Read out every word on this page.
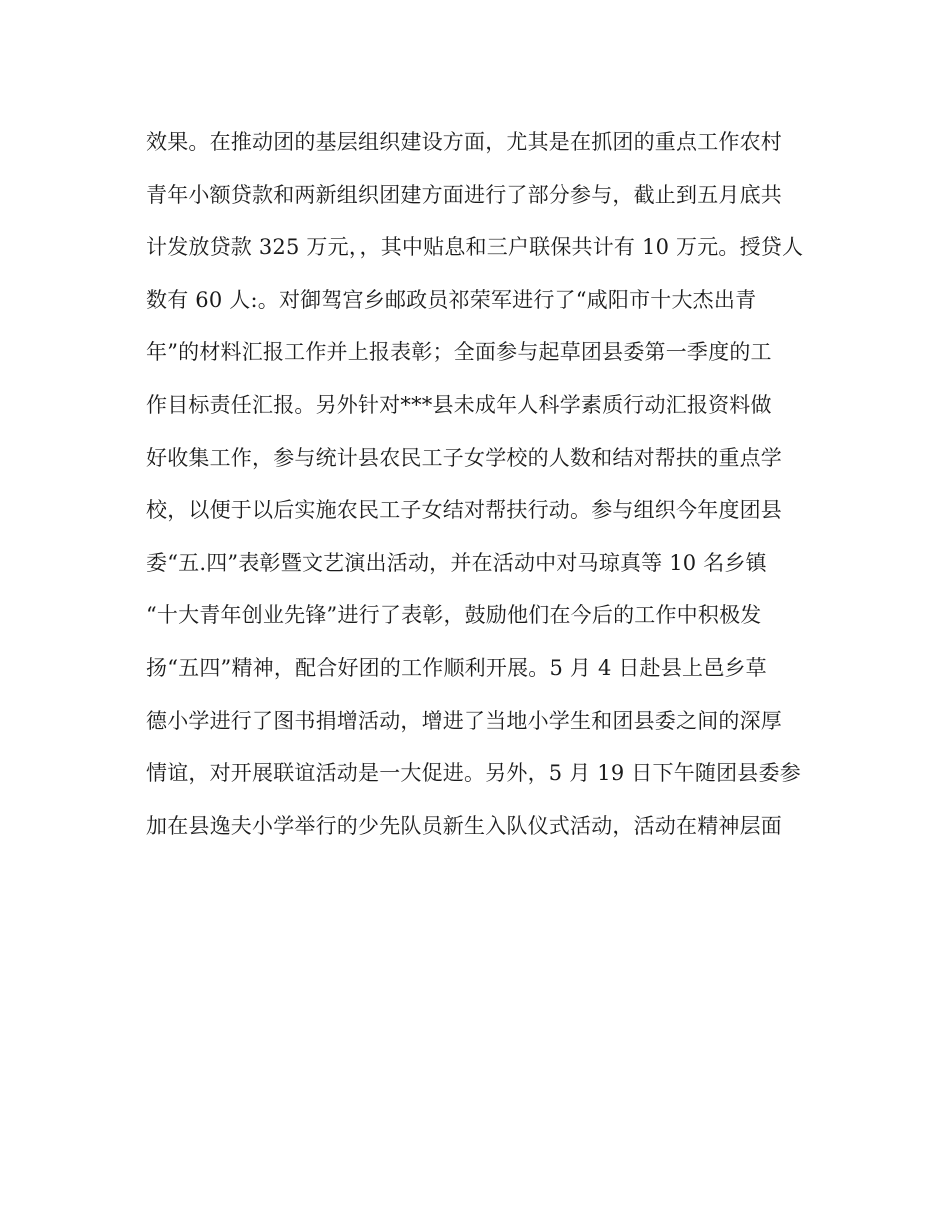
效果。在推动团的基层组织建设方面，尤其是在抓团的重点工作农村
青年小额贷款和两新组织团建方面进行了部分参与，截止到五月底共
计发放贷款 325 万元，，其中贴息和三户联保共计有 10 万元。授贷人
数有 60 人:。对御驾宫乡邮政员祁荣军进行了“咸阳市十大杰出青
年”的材料汇报工作并上报表彰；全面参与起草团县委第一季度的工
作目标责任汇报。另外针对***县未成年人科学素质行动汇报资料做
好收集工作，参与统计县农民工子女学校的人数和结对帮扶的重点学
校，以便于以后实施农民工子女结对帮扶行动。参与组织今年度团县
委“五.四”表彰暨文艺演出活动，并在活动中对马琼真等 10 名乡镇
“十大青年创业先锋”进行了表彰，鼓励他们在今后的工作中积极发
扬“五四”精神，配合好团的工作顺利开展。5 月 4 日赴县上邑乡草
德小学进行了图书捐增活动，增进了当地小学生和团县委之间的深厚
情谊，对开展联谊活动是一大促进。另外，5 月 19 日下午随团县委参
加在县逸夫小学举行的少先队员新生入队仪式活动，活动在精神层面
